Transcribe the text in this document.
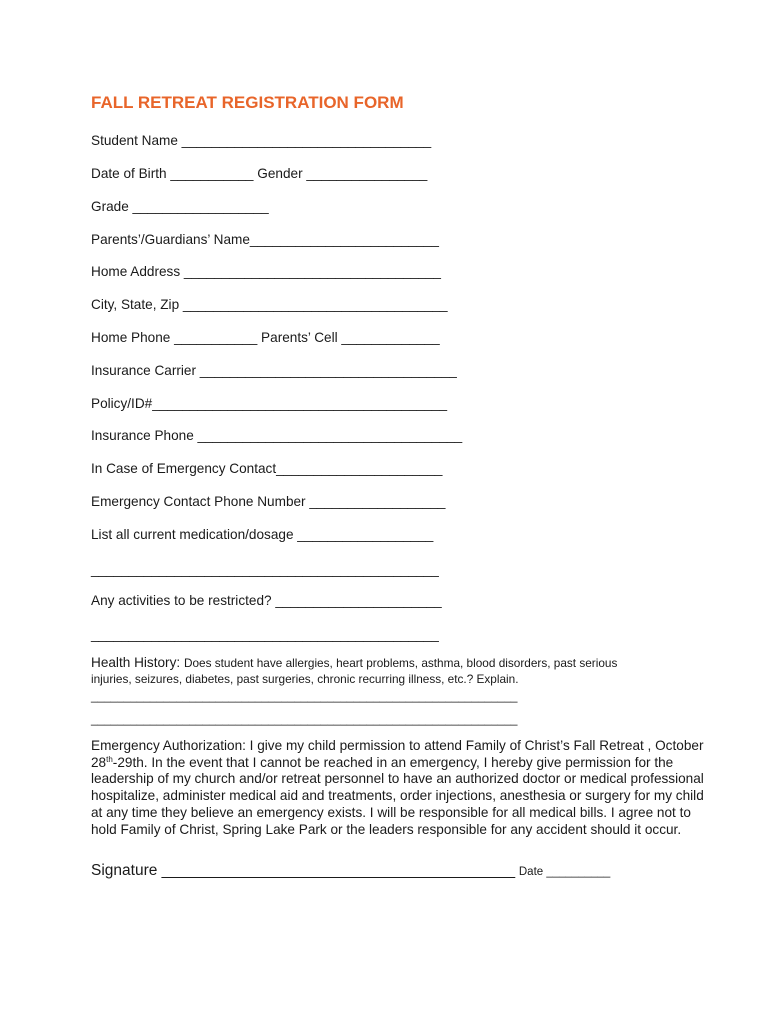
FALL RETREAT REGISTRATION FORM
Student Name _________________________________
Date of Birth ___________ Gender ________________
Grade __________________
Parents’/Guardians’ Name_________________________
Home Address __________________________________
City, State, Zip ___________________________________
Home Phone ___________ Parents’ Cell _____________
Insurance Carrier __________________________________
Policy/ID#_______________________________________
Insurance Phone ___________________________________
In Case of Emergency Contact______________________
Emergency Contact Phone Number __________________
List all current medication/dosage __________________
______________________________________________
Any activities to be restricted? ______________________
______________________________________________
Health History: Does student have allergies, heart problems, asthma, blood disorders, past serious
injuries, seizures, diabetes, past surgeries, chronic recurring illness, etc.? Explain.
_________________________________________________________________
_________________________________________________________________
Emergency Authorization: I give my child permission to attend Family of Christ’s Fall Retreat , October 28th-29th. In the event that I cannot be reached in an emergency, I hereby give permission for the leadership of my church and/or retreat personnel to have an authorized doctor or medical professional hospitalize, administer medical aid and treatments, order injections, anesthesia or surgery for my child at any time they believe an emergency exists. I will be responsible for all medical bills. I agree not to hold Family of Christ, Spring Lake Park or the leaders responsible for any accident should it occur.
Signature _________________________________________ Date __________
